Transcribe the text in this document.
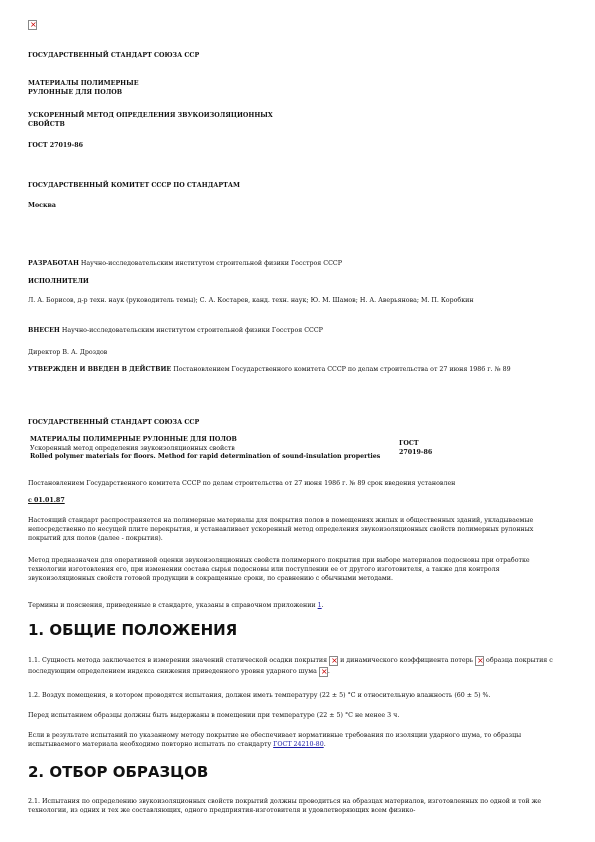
×
ГОСУДАРСТВЕННЫЙ СТАНДАРТ СОЮЗА ССР
МАТЕРИАЛЫ ПОЛИМЕРНЫЕ
РУЛОННЫЕ ДЛЯ ПОЛОВ
УСКОРЕННЫЙ МЕТОД ОПРЕДЕЛЕНИЯ ЗВУКОИЗОЛЯЦИОННЫХ
СВОЙСТВ
ГОСТ 27019-86
ГОСУДАРСТВЕННЫЙ КОМИТЕТ СССР ПО СТАНДАРТАМ
Москва
РАЗРАБОТАН Научно-исследовательским институтом строительной физики Госстроя СССР
ИСПОЛНИТЕЛИ
Л. А. Борисов, д-р техн. наук (руководитель темы); С. А. Костарев, канд. техн. наук; Ю. М. Шамов; Н. А. Аверьянова; М. П. Коробкин
ВНЕСЕН Научно-исследовательским институтом строительной физики Госстроя СССР
Директор В. А. Дроздов
УТВЕРЖДЕН И ВВЕДЕН В ДЕЙСТВИЕ Постановлением Государственного комитета СССР по делам строительства от 27 июня 1986 г. № 89
ГОСУДАРСТВЕННЫЙ СТАНДАРТ СОЮЗА ССР
МАТЕРИАЛЫ ПОЛИМЕРНЫЕ РУЛОННЫЕ ДЛЯ ПОЛОВ
Ускоренный метод определения звукоизоляционных свойств
Rolled polymer materials for floors. Method for rapid determination of sound-insulation properties

ГОСТ
27019-86
Постановлением Государственного комитета СССР по делам строительства от 27 июня 1986 г. № 89 срок введения установлен
с 01.01.87
Настоящий стандарт распространяется на полимерные материалы для покрытия полов в помещениях жилых и общественных зданий, укладываемые непосредственно по несущей плите перекрытия, и устанавливает ускоренный метод определения звукоизоляционных свойств полимерных рулонных покрытий для полов (далее - покрытия).
Метод предназначен для оперативной оценки звукоизоляционных свойств полимерного покрытия при выборе материалов подосновы при отработке технологии изготовления его, при изменении состава сырья подосновы или поступлении ее от другого изготовителя, а также для контроля звукоизоляционных свойств готовой продукции в сокращенные сроки, по сравнению с обычными методами.
Термины и пояснения, приведенные в стандарте, указаны в справочном приложении 1.
1. ОБЩИЕ ПОЛОЖЕНИЯ
1.1. Сущность метода заключается в измерении значений статической осадки покрытия × и динамического коэффициента потерь × образца покрытия с последующим определением индекса снижения приведенного уровня ударного шума ×.
1.2. Воздух помещения, в котором проводятся испытания, должен иметь температуру (22 ± 5) °С и относительную влажность (60 ± 5) %.
Перед испытанием образцы должны быть выдержаны в помещении при температуре (22 ± 5) °С не менее 3 ч.
Если в результате испытаний по указанному методу покрытие не обеспечивает нормативные требования по изоляции ударного шума, то образцы испытываемого материала необходимо повторно испытать по стандарту ГОСТ 24210-80.
2. ОТБОР ОБРАЗЦОВ
2.1. Испытания по определению звукоизоляционных свойств покрытий должны проводиться на образцах материалов, изготовленных по одной и той же технологии, из одних и тех же составляющих, одного предприятия-изготовителя и удовлетворяющих всем физико-
